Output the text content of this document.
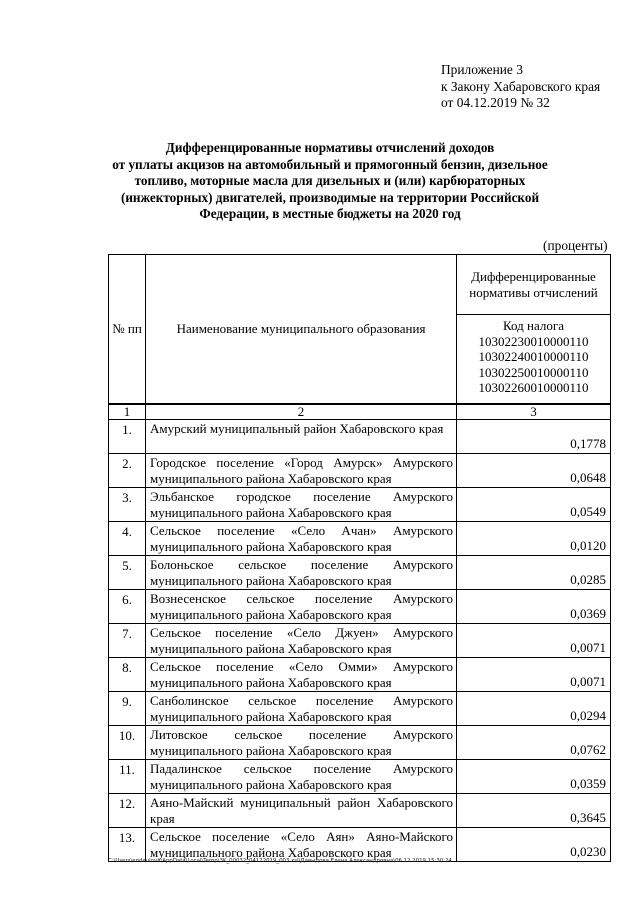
Приложение 3
к Закону Хабаровского края
от 04.12.2019 № 32
Дифференцированные нормативы отчислений доходов
от уплаты акцизов на автомобильный и прямогонный бензин, дизельное
топливо, моторные масла для дизельных и (или) карбюраторных
(инжекторных) двигателей, производимые на территории Российской
Федерации, в местные бюджеты на 2020 год
(проценты)
№ пп	Наименование муниципального образования	Дифференцированные нормативы отчислений

		Код налога
10302230010000110
10302240010000110
10302250010000110
10302260010000110

1	2	3
1.	Амурский муниципальный район Хабаровского края	0,1778
2.	Городское поселение «Город Амурск» Амурского муниципального района Хабаровского края	0,0648
3.	Эльбанское городское поселение Амурского муниципального района Хабаровского края	0,0549
4.	Сельское поселение «Село Ачан» Амурского муниципального района Хабаровского края	0,0120
5.	Болоньское сельское поселение Амурского муниципального района Хабаровского края	0,0285
6.	Вознесенское сельское поселение Амурского муниципального района Хабаровского края	0,0369
7.	Сельское поселение «Село Джуен» Амурского муниципального района Хабаровского края	0,0071
8.	Сельское поселение «Село Омми» Амурского муниципального района Хабаровского края	0,0071
9.	Санболинское сельское поселение Амурского муниципального района Хабаровского края	0,0294
10.	Литовское сельское поселение Амурского муниципального района Хабаровского края	0,0762
11.	Падалинское сельское поселение Амурского муниципального района Хабаровского края	0,0359
12.	Аяно-Майский муниципальный район Хабаровского края	0,3645
13.	Сельское поселение «Село Аян» Аяно-Майского муниципального района Хабаровского края	0,0230
C:\Users\endaulova\AppData\Local\Temp\3K_00032_04122019_003.xsl\Давыдова Елена Александровна\06.12.2019 15:30:24
